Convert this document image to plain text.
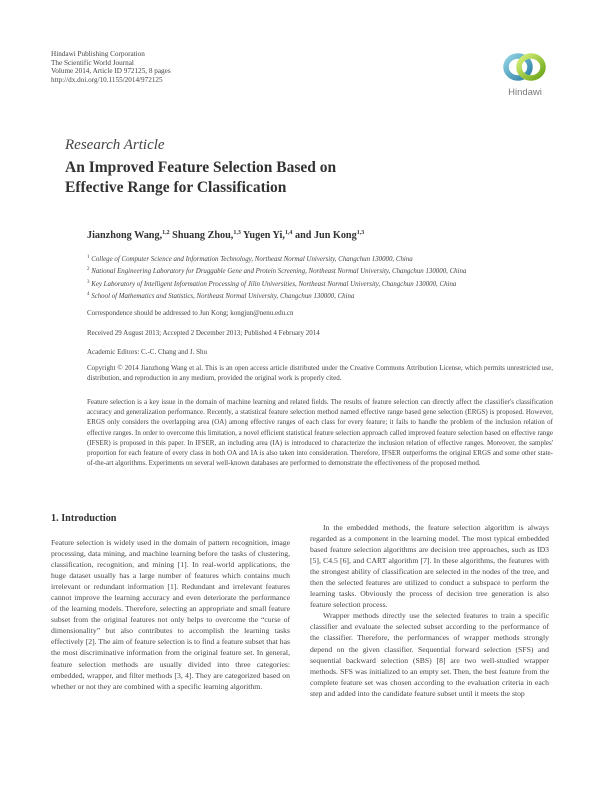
Hindawi Publishing Corporation
The Scientific World Journal
Volume 2014, Article ID 972125, 8 pages
http://dx.doi.org/10.1155/2014/972125
Hindawi
Research Article
An Improved Feature Selection Based on
Effective Range for Classification
Jianzhong Wang,$^{1,2}$ Shuang Zhou,$^{1,3}$ Yugen Yi,$^{1,4}$ and Jun Kong$^{1,3}$
$^1$ College of Computer Science and Information Technology, Northeast Normal University, Changchun 130000, China
$^2$ National Engineering Laboratory for Druggable Gene and Protein Screening, Northeast Normal University, Changchun 130000, China
$^3$ Key Laboratory of Intelligent Information Processing of Jilin Universities, Northeast Normal University, Changchun 130000, China
$^4$ School of Mathematics and Statistics, Northeast Normal University, Changchun 130000, China
Correspondence should be addressed to Jun Kong; kongjun@nenu.edu.cn
Received 29 August 2013; Accepted 2 December 2013; Published 4 February 2014
Academic Editors: C.-C. Chang and J. Shu
Copyright © 2014 Jianzhong Wang et al. This is an open access article distributed under the Creative Commons Attribution License, which permits unrestricted use, distribution, and reproduction in any medium, provided the original work is properly cited.
Feature selection is a key issue in the domain of machine learning and related fields. The results of feature selection can directly affect the classifier's classification accuracy and generalization performance. Recently, a statistical feature selection method named effective range based gene selection (ERGS) is proposed. However, ERGS only considers the overlapping area (OA) among effective ranges of each class for every feature; it fails to handle the problem of the inclusion relation of effective ranges. In order to overcome this limitation, a novel efficient statistical feature selection approach called improved feature selection based on effective range (IFSER) is proposed in this paper. In IFSER, an including area (IA) is introduced to characterize the inclusion relation of effective ranges. Moreover, the samples' proportion for each feature of every class in both OA and IA is also taken into consideration. Therefore, IFSER outperforms the original ERGS and some other state-of-the-art algorithms. Experiments on several well-known databases are performed to demonstrate the effectiveness of the proposed method.
1. Introduction

Feature selection is widely used in the domain of pattern recognition, image processing, data mining, and machine learning before the tasks of clustering, classification, recognition, and mining [1]. In real-world applications, the huge dataset usually has a large number of features which contains much irrelevant or redundant information [1]. Redundant and irrelevant features cannot improve the learning accuracy and even deteriorate the performance of the learning models. Therefore, selecting an appropriate and small feature subset from the original features not only helps to overcome the “curse of dimensionality” but also contributes to accomplish the learning tasks effectively [2]. The aim of feature selection is to find a feature subset that has the most discriminative information from the original feature set. In general, feature selection methods are usually divided into three categories: embedded, wrapper, and filter methods [3, 4]. They are categorized based on whether or not they are combined with a specific learning algorithm.

In the embedded methods, the feature selection algorithm is always regarded as a component in the learning model. The most typical embedded based feature selection algorithms are decision tree approaches, such as ID3 [5], C4.5 [6], and CART algorithm [7]. In these algorithms, the features with the strongest ability of classification are selected in the nodes of the tree, and then the selected features are utilized to conduct a subspace to perform the learning tasks. Obviously the process of decision tree generation is also feature selection process.

Wrapper methods directly use the selected features to train a specific classifier and evaluate the selected subset according to the performance of the classifier. Therefore, the performances of wrapper methods strongly depend on the given classifier. Sequential forward selection (SFS) and sequential backward selection (SBS) [8] are two well-studied wrapper methods. SFS was initialized to an empty set. Then, the best feature from the complete feature set was chosen according to the evaluation criteria in each step and added into the candidate feature subset until it meets the stop
